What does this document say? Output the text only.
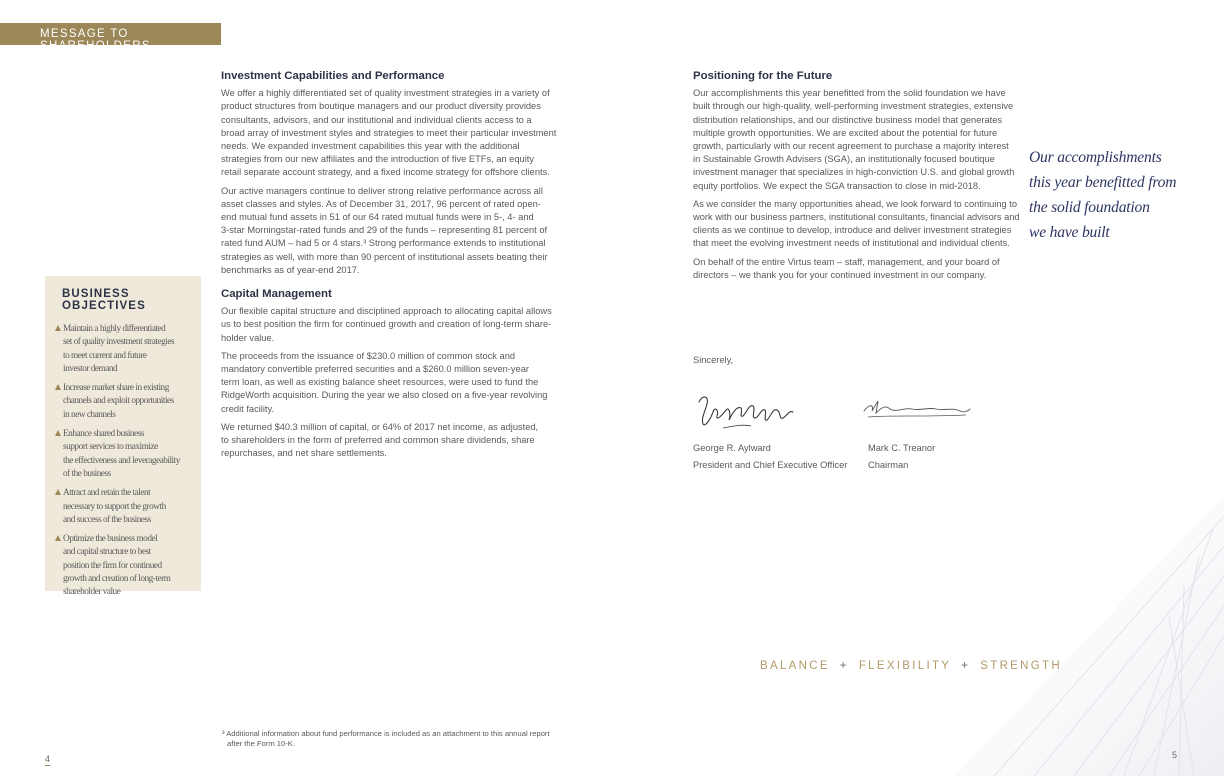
MESSAGE TO SHAREHOLDERS
BUSINESS OBJECTIVES
Maintain a highly differentiated
set of quality investment strategies
to meet current and future
investor demand
Increase market share in existing
channels and exploit opportunities
in new channels
Enhance shared business
support services to maximize
the effectiveness and leverageability
of the business
Attract and retain the talent
necessary to support the growth
and success of the business
Optimize the business model
and capital structure to best
position the firm for continued
growth and creation of long-term
shareholder value
Investment Capabilities and Performance

We offer a highly differentiated set of quality investment strategies in a variety of
product structures from boutique managers and our product diversity provides
consultants, advisors, and our institutional and individual clients access to a
broad array of investment styles and strategies to meet their particular investment
needs. We expanded investment capabilities this year with the additional
strategies from our new affiliates and the introduction of five ETFs, an equity
retail separate account strategy, and a fixed income strategy for offshore clients.

Our active managers continue to deliver strong relative performance across all
asset classes and styles. As of December 31, 2017, 96 percent of rated open-
end mutual fund assets in 51 of our 64 rated mutual funds were in 5-, 4- and
3-star Morningstar-rated funds and 29 of the funds – representing 81 percent of
rated fund AUM – had 5 or 4 stars.³ Strong performance extends to institutional
strategies as well, with more than 90 percent of institutional assets beating their
benchmarks as of year-end 2017.

Capital Management

Our flexible capital structure and disciplined approach to allocating capital allows
us to best position the firm for continued growth and creation of long-term share-
holder value.

The proceeds from the issuance of $230.0 million of common stock and
mandatory convertible preferred securities and a $260.0 million seven-year
term loan, as well as existing balance sheet resources, were used to fund the
RidgeWorth acquisition. During the year we also closed on a five-year revolving
credit facility.

We returned $40.3 million of capital, or 64% of 2017 net income, as adjusted,
to shareholders in the form of preferred and common share dividends, share
repurchases, and net share settlements.

Positioning for the Future

Our accomplishments this year benefitted from the solid foundation we have
built through our high-quality, well-performing investment strategies, extensive
distribution relationships, and our distinctive business model that generates
multiple growth opportunities. We are excited about the potential for future
growth, particularly with our recent agreement to purchase a majority interest
in Sustainable Growth Advisers (SGA), an institutionally focused boutique
investment manager that specializes in high-conviction U.S. and global growth
equity portfolios. We expect the SGA transaction to close in mid-2018.

As we consider the many opportunities ahead, we look forward to continuing to
work with our business partners, institutional consultants, financial advisors and
clients as we continue to develop, introduce and deliver investment strategies
that meet the evolving investment needs of institutional and individual clients.

On behalf of the entire Virtus team – staff, management, and your board of
directors – we thank you for your continued investment in our company.

Our accomplishments
this year benefitted from
the solid foundation
we have built
Sincerely,
George R. Aylward
President and Chief Executive Officer
Mark C. Treanor
Chairman
BALANCE + FLEXIBILITY + STRENGTH
³ Additional information about fund performance is included as an attachment to this annual report
after the Form 10-K.
4	5
